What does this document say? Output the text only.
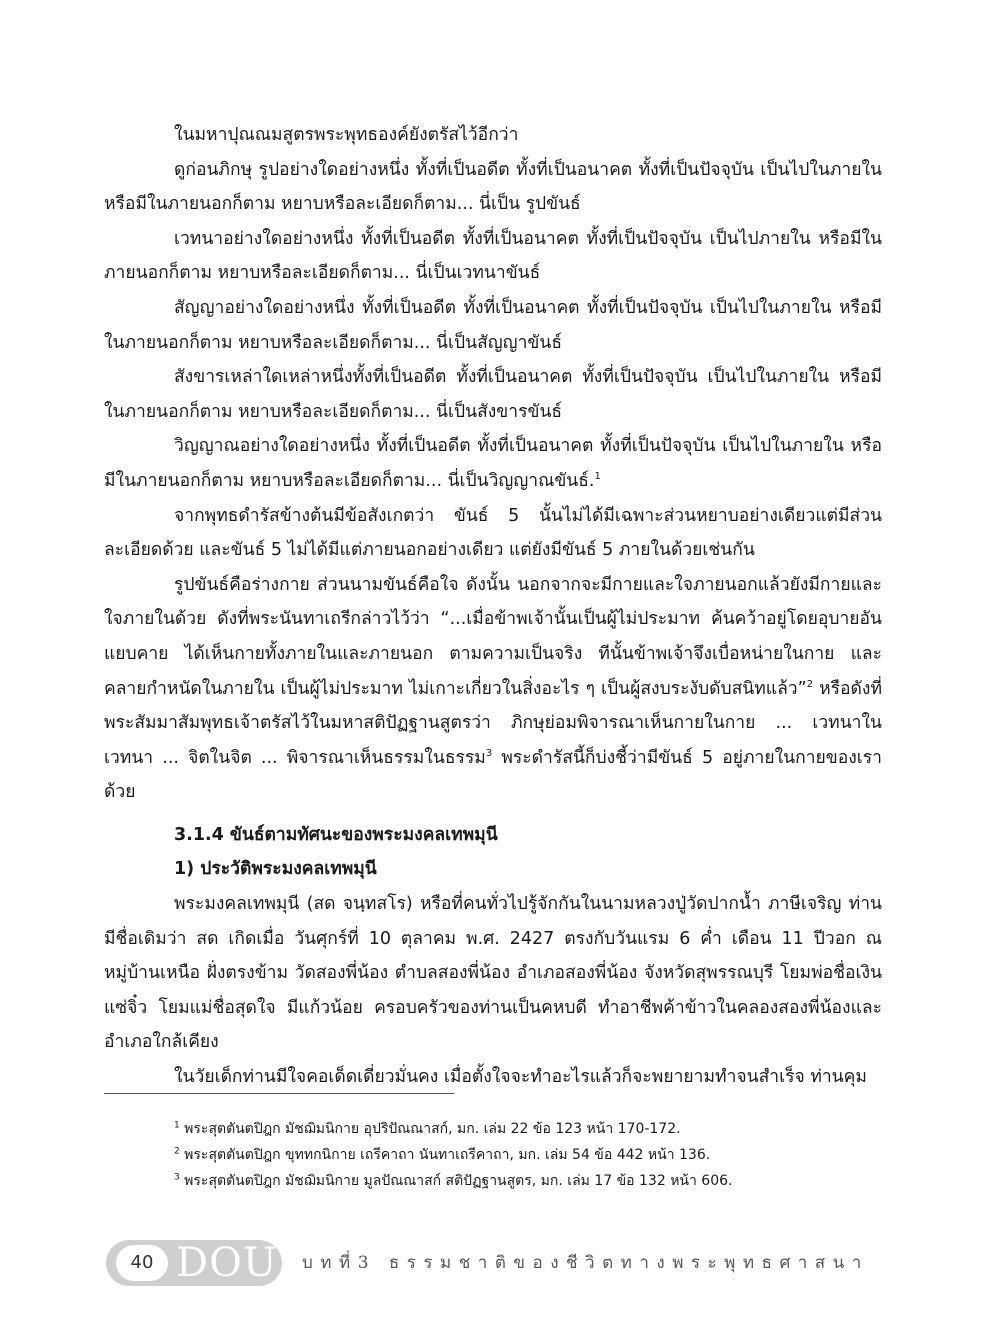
ในมหาปุณณมสูตรพระพุทธองค์ยังตรัสไว้อีกว่า

ดูก่อนภิกษุ รูปอย่างใดอย่างหนึ่ง ทั้งที่เป็นอดีต ทั้งที่เป็นอนาคต ทั้งที่เป็นปัจจุบัน เป็นไปในภายใน หรือมีในภายนอกก็ตาม หยาบหรือละเอียดก็ตาม... นี่เป็น รูปขันธ์

เวทนาอย่างใดอย่างหนึ่ง ทั้งที่เป็นอดีต ทั้งที่เป็นอนาคต ทั้งที่เป็นปัจจุบัน เป็นไปภายใน หรือมีในภายนอกก็ตาม หยาบหรือละเอียดก็ตาม... นี่เป็นเวทนาขันธ์

สัญญาอย่างใดอย่างหนึ่ง ทั้งที่เป็นอดีต ทั้งที่เป็นอนาคต ทั้งที่เป็นปัจจุบัน เป็นไปในภายใน หรือมีในภายนอกก็ตาม หยาบหรือละเอียดก็ตาม... นี่เป็นสัญญาขันธ์

สังขารเหล่าใดเหล่าหนึ่งทั้งที่เป็นอดีต ทั้งที่เป็นอนาคต ทั้งที่เป็นปัจจุบัน เป็นไปในภายใน หรือมีในภายนอกก็ตาม หยาบหรือละเอียดก็ตาม... นี่เป็นสังขารขันธ์

วิญญาณอย่างใดอย่างหนึ่ง ทั้งที่เป็นอดีต ทั้งที่เป็นอนาคต ทั้งที่เป็นปัจจุบัน เป็นไปในภายใน หรือมีในภายนอกก็ตาม หยาบหรือละเอียดก็ตาม... นี่เป็นวิญญาณขันธ์.$^1$

จากพุทธดำรัสข้างต้นมีข้อสังเกตว่า ขันธ์ 5 นั้นไม่ได้มีเฉพาะส่วนหยาบอย่างเดียวแต่มีส่วนละเอียดด้วย และขันธ์ 5 ไม่ได้มีแต่ภายนอกอย่างเดียว แต่ยังมีขันธ์ 5 ภายในด้วยเช่นกัน

รูปขันธ์คือร่างกาย ส่วนนามขันธ์คือใจ ดังนั้น นอกจากจะมีกายและใจภายนอกแล้วยังมีกายและใจภายในด้วย ดังที่พระนันทาเถรีกล่าวไว้ว่า “...เมื่อข้าพเจ้านั้นเป็นผู้ไม่ประมาท ค้นคว้าอยู่โดยอุบายอันแยบคาย ได้เห็นกายทั้งภายในและภายนอก ตามความเป็นจริง ทีนั้นข้าพเจ้าจึงเบื่อหน่ายในกาย และคลายกำหนัดในภายใน เป็นผู้ไม่ประมาท ไม่เกาะเกี่ยวในสิ่งอะไร ๆ เป็นผู้สงบระงับดับสนิทแล้ว”$^2$ หรือดังที่พระสัมมาสัมพุทธเจ้าตรัสไว้ในมหาสติปัฏฐานสูตรว่า ภิกษุย่อมพิจารณาเห็นกายในกาย ... เวทนาในเวทนา ... จิตในจิต ... พิจารณาเห็นธรรมในธรรม$^3$ พระดำรัสนี้ก็บ่งชี้ว่ามีขันธ์ 5 อยู่ภายในกายของเราด้วย

3.1.4 ขันธ์ตามทัศนะของพระมงคลเทพมุนี

1) ประวัติพระมงคลเทพมุนี

พระมงคลเทพมุนี (สด จนฺทสโร) หรือที่คนทั่วไปรู้จักกันในนามหลวงปู่วัดปากน้ำ ภาษีเจริญ ท่านมีชื่อเดิมว่า สด เกิดเมื่อ วันศุกร์ที่ 10 ตุลาคม พ.ศ. 2427 ตรงกับวันแรม 6 ค่ำ เดือน 11 ปีวอก ณ หมู่บ้านเหนือ ฝั่งตรงข้าม วัดสองพี่น้อง ตำบลสองพี่น้อง อำเภอสองพี่น้อง จังหวัดสุพรรณบุรี โยมพ่อชื่อเงิน แซ่จิ๋ว โยมแม่ชื่อสุดใจ มีแก้วน้อย ครอบครัวของท่านเป็นคหบดี ทำอาชีพค้าข้าวในคลองสองพี่น้องและอำเภอใกล้เคียง

ในวัยเด็กท่านมีใจคอเด็ดเดี่ยวมั่นคง เมื่อตั้งใจจะทำอะไรแล้วก็จะพยายามทำจนสำเร็จ ท่านคุม

$^1$ พระสุตตันตปิฎก มัชฌิมนิกาย อุปริปัณณาสก์, มก. เล่ม 22 ข้อ 123 หน้า 170-172.

$^2$ พระสุตตันตปิฎก ขุททกนิกาย เถรีคาถา นันทาเถรีคาถา, มก. เล่ม 54 ข้อ 442 หน้า 136.

$^3$ พระสุตตันตปิฎก มัชฌิมนิกาย มูลปัณณาสก์ สติปัฏฐานสูตร, มก. เล่ม 17 ข้อ 132 หน้า 606.

40 DOU บทที่3 ธรรมชาติของชีวิตทางพระพุทธศาสนา
